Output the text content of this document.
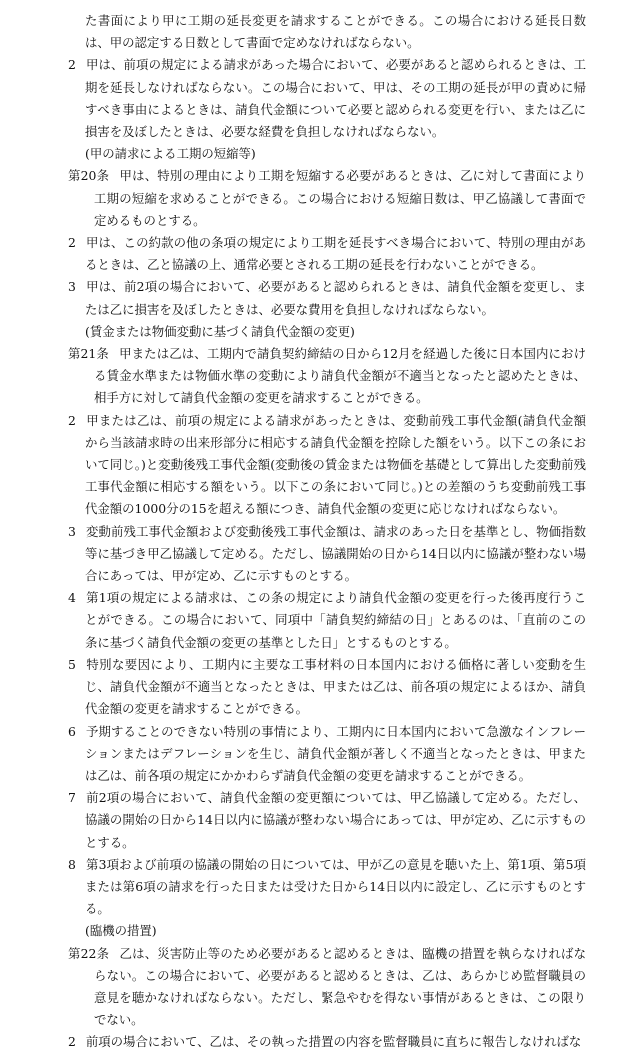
た書面により甲に工期の延長変更を請求することができる。この場合における延長日数は、甲の認定する日数として書面で定めなければならない。

2 甲は、前項の規定による請求があった場合において、必要があると認められるときは、工期を延長しなければならない。この場合において、甲は、その工期の延長が甲の責めに帰すべき事由によるときは、請負代金額について必要と認められる変更を行い、または乙に損害を及ぼしたときは、必要な経費を負担しなければならない。

(甲の請求による工期の短縮等)

第20条 甲は、特別の理由により工期を短縮する必要があるときは、乙に対して書面により工期の短縮を求めることができる。この場合における短縮日数は、甲乙協議して書面で定めるものとする。

2 甲は、この約款の他の条項の規定により工期を延長すべき場合において、特別の理由があるときは、乙と協議の上、通常必要とされる工期の延長を行わないことができる。

3 甲は、前2項の場合において、必要があると認められるときは、請負代金額を変更し、または乙に損害を及ぼしたときは、必要な費用を負担しなければならない。

(賃金または物価変動に基づく請負代金額の変更)

第21条 甲または乙は、工期内で請負契約締結の日から12月を経過した後に日本国内における賃金水準または物価水準の変動により請負代金額が不適当となったと認めたときは、相手方に対して請負代金額の変更を請求することができる。

2 甲または乙は、前項の規定による請求があったときは、変動前残工事代金額(請負代金額から当該請求時の出来形部分に相応する請負代金額を控除した額をいう。以下この条において同じ。)と変動後残工事代金額(変動後の賃金または物価を基礎として算出した変動前残工事代金額に相応する額をいう。以下この条において同じ。)との差額のうち変動前残工事代金額の1000分の15を超える額につき、請負代金額の変更に応じなければならない。

3 変動前残工事代金額および変動後残工事代金額は、請求のあった日を基準とし、物価指数等に基づき甲乙協議して定める。ただし、協議開始の日から14日以内に協議が整わない場合にあっては、甲が定め、乙に示すものとする。

4 第1項の規定による請求は、この条の規定により請負代金額の変更を行った後再度行うことができる。この場合において、同項中「請負契約締結の日」とあるのは、「直前のこの条に基づく請負代金額の変更の基準とした日」とするものとする。

5 特別な要因により、工期内に主要な工事材料の日本国内における価格に著しい変動を生じ、請負代金額が不適当となったときは、甲または乙は、前各項の規定によるほか、請負代金額の変更を請求することができる。

6 予期することのできない特別の事情により、工期内に日本国内において急激なインフレーションまたはデフレーションを生じ、請負代金額が著しく不適当となったときは、甲または乙は、前各項の規定にかかわらず請負代金額の変更を請求することができる。

7 前2項の場合において、請負代金額の変更額については、甲乙協議して定める。ただし、協議の開始の日から14日以内に協議が整わない場合にあっては、甲が定め、乙に示すものとする。

8 第3項および前項の協議の開始の日については、甲が乙の意見を聴いた上、第1項、第5項または第6項の請求を行った日または受けた日から14日以内に設定し、乙に示すものとする。

(臨機の措置)

第22条 乙は、災害防止等のため必要があると認めるときは、臨機の措置を執らなければならない。この場合において、必要があると認めるときは、乙は、あらかじめ監督職員の意見を聴かなければならない。ただし、緊急やむを得ない事情があるときは、この限りでない。

2 前項の場合において、乙は、その執った措置の内容を監督職員に直ちに報告しなければな
